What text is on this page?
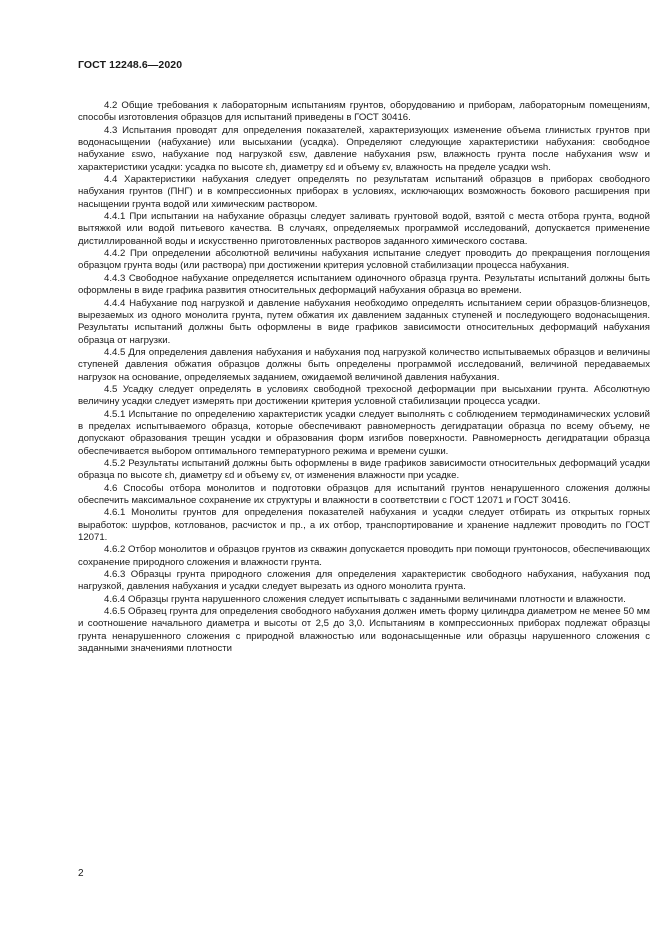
ГОСТ 12248.6—2020

4.2 Общие требования к лабораторным испытаниям грунтов, оборудованию и приборам, лабораторным помещениям, способы изготовления образцов для испытаний приведены в ГОСТ 30416.

4.3 Испытания проводят для определения показателей, характеризующих изменение объема глинистых грунтов при водонасыщении (набухание) или высыхании (усадка). Определяют следующие характеристики набухания: свободное набухание εswo, набухание под нагрузкой εsw, давление набухания psw, влажность грунта после набухания wsw и характеристики усадки: усадка по высоте εh, диаметру εd и объему εv, влажность на пределе усадки wsh.

4.4 Характеристики набухания следует определять по результатам испытаний образцов в приборах свободного набухания грунтов (ПНГ) и в компрессионных приборах в условиях, исключающих возможность бокового расширения при насыщении грунта водой или химическим раствором.

4.4.1 При испытании на набухание образцы следует заливать грунтовой водой, взятой с места отбора грунта, водной вытяжкой или водой питьевого качества. В случаях, определяемых программой исследований, допускается применение дистиллированной воды и искусственно приготовленных растворов заданного химического состава.

4.4.2 При определении абсолютной величины набухания испытание следует проводить до прекращения поглощения образцом грунта воды (или раствора) при достижении критерия условной стабилизации процесса набухания.

4.4.3 Свободное набухание определяется испытанием одиночного образца грунта. Результаты испытаний должны быть оформлены в виде графика развития относительных деформаций набухания образца во времени.

4.4.4 Набухание под нагрузкой и давление набухания необходимо определять испытанием серии образцов-близнецов, вырезаемых из одного монолита грунта, путем обжатия их давлением заданных ступеней и последующего водонасыщения. Результаты испытаний должны быть оформлены в виде графиков зависимости относительных деформаций набухания образца от нагрузки.

4.4.5 Для определения давления набухания и набухания под нагрузкой количество испытываемых образцов и величины ступеней давления обжатия образцов должны быть определены программой исследований, величиной передаваемых нагрузок на основание, определяемых заданием, ожидаемой величиной давления набухания.

4.5 Усадку следует определять в условиях свободной трехосной деформации при высыхании грунта. Абсолютную величину усадки следует измерять при достижении критерия условной стабилизации процесса усадки.

4.5.1 Испытание по определению характеристик усадки следует выполнять с соблюдением термодинамических условий в пределах испытываемого образца, которые обеспечивают равномерность дегидратации образца по всему объему, не допускают образования трещин усадки и образования форм изгибов поверхности. Равномерность дегидратации образца обеспечивается выбором оптимального температурного режима и времени сушки.

4.5.2 Результаты испытаний должны быть оформлены в виде графиков зависимости относительных деформаций усадки образца по высоте εh, диаметру εd и объему εv, от изменения влажности при усадке.

4.6 Способы отбора монолитов и подготовки образцов для испытаний грунтов ненарушенного сложения должны обеспечить максимальное сохранение их структуры и влажности в соответствии с ГОСТ 12071 и ГОСТ 30416.

4.6.1 Монолиты грунтов для определения показателей набухания и усадки следует отбирать из открытых горных выработок: шурфов, котлованов, расчисток и пр., а их отбор, транспортирование и хранение надлежит проводить по ГОСТ 12071.

4.6.2 Отбор монолитов и образцов грунтов из скважин допускается проводить при помощи грунтоносов, обеспечивающих сохранение природного сложения и влажности грунта.

4.6.3 Образцы грунта природного сложения для определения характеристик свободного набухания, набухания под нагрузкой, давления набухания и усадки следует вырезать из одного монолита грунта.

4.6.4 Образцы грунта нарушенного сложения следует испытывать с заданными величинами плотности и влажности.

4.6.5 Образец грунта для определения свободного набухания должен иметь форму цилиндра диаметром не менее 50 мм и соотношение начального диаметра и высоты от 2,5 до 3,0. Испытаниям в компрессионных приборах подлежат образцы грунта ненарушенного сложения с природной влажностью или водонасыщенные или образцы нарушенного сложения с заданными значениями плотности

2
